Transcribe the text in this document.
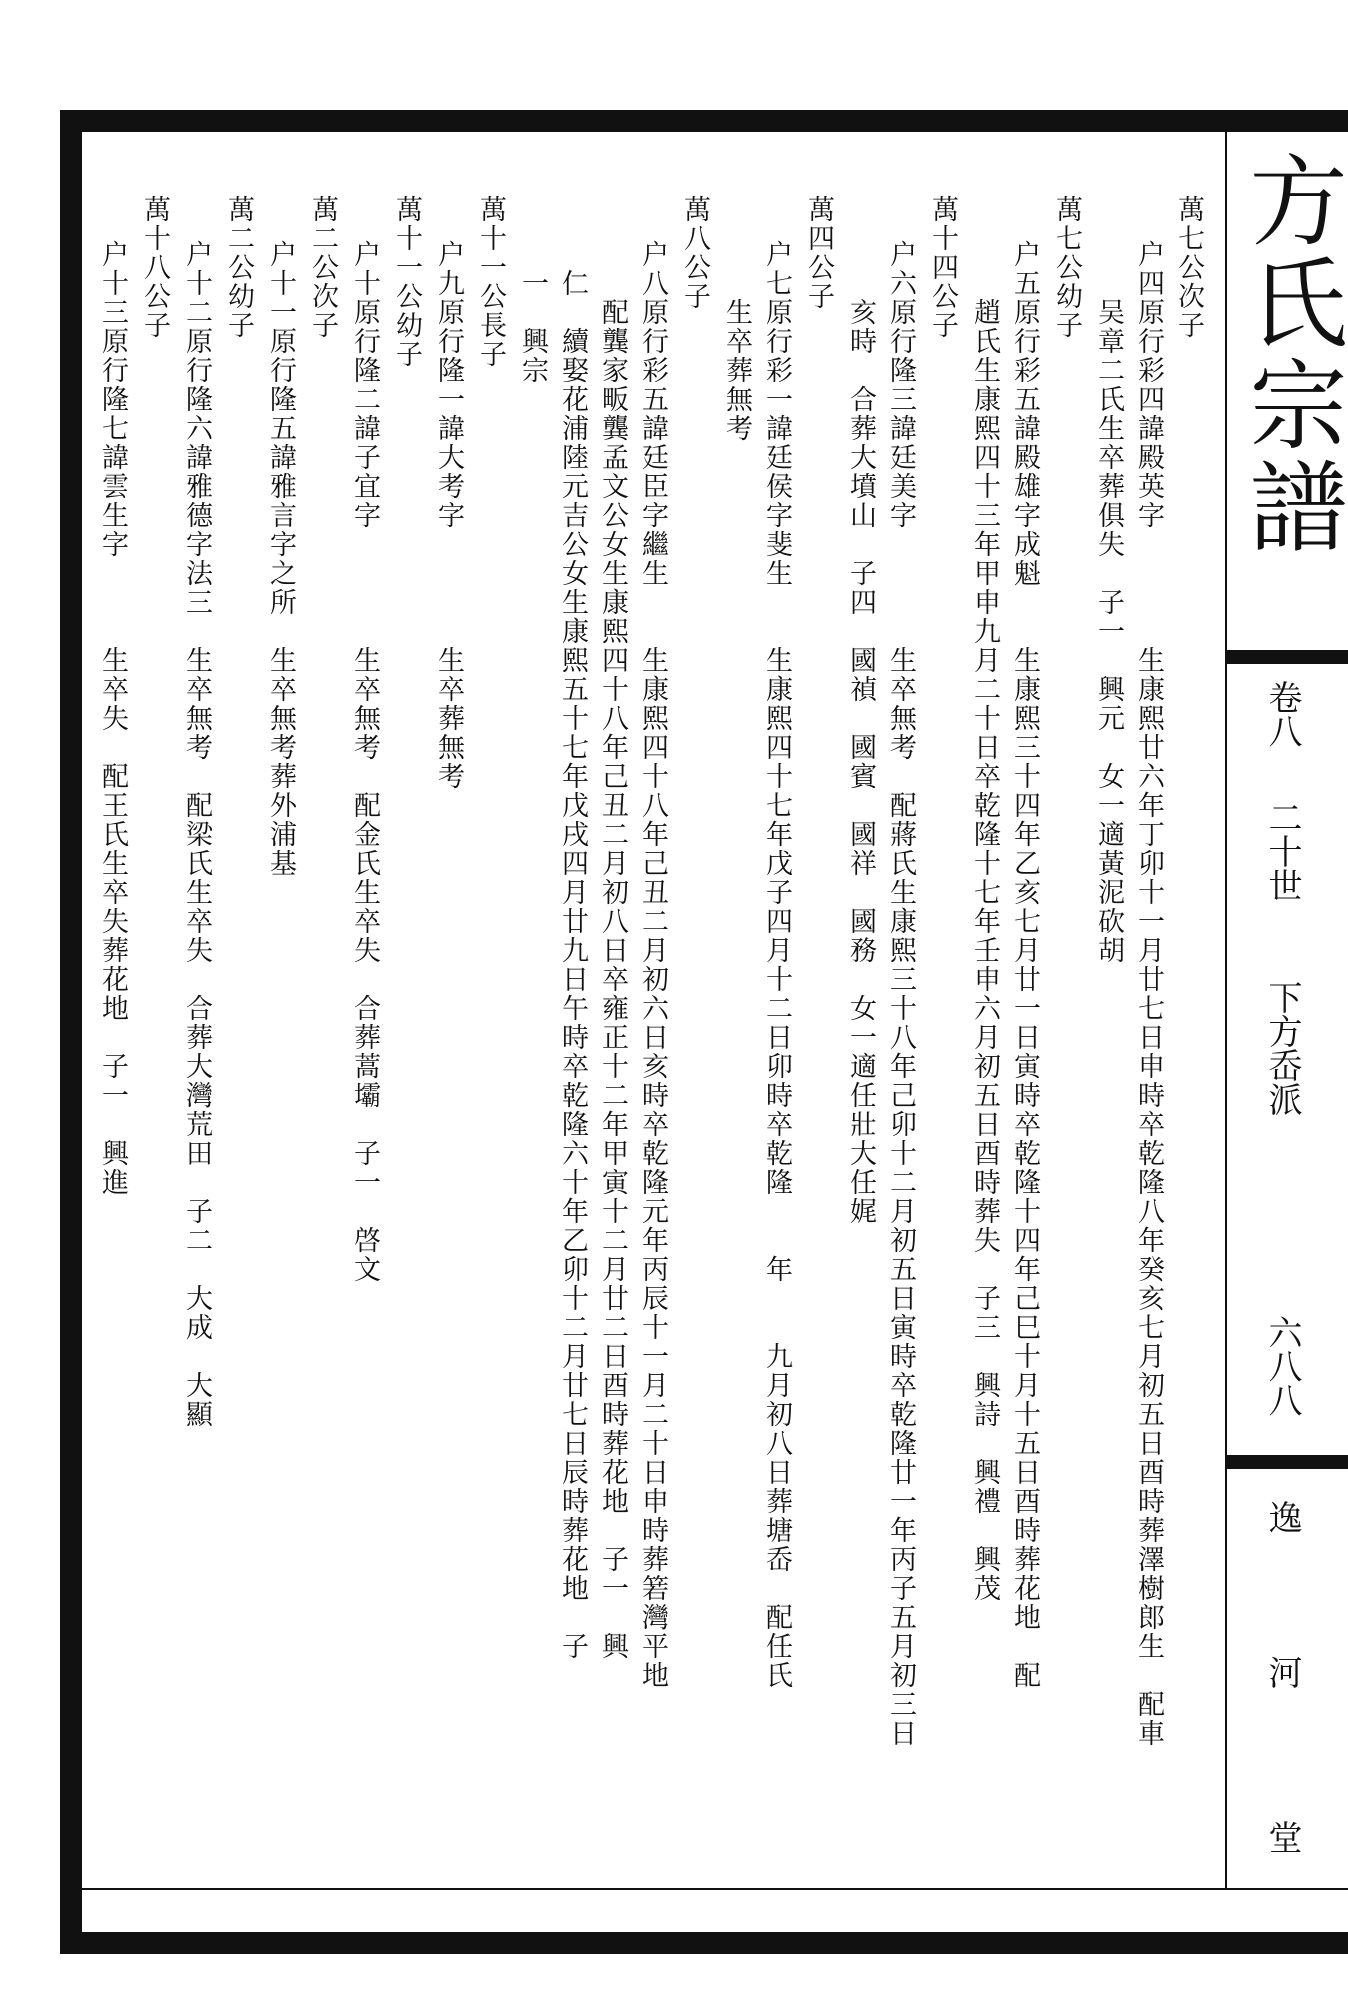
方氏宗譜
卷八
二十世
下方岙派
六八八
逸
河
堂
萬七公次子
户四原行彩四諱殿英字　　　　生康熙廿六年丁卯十一月廿七日申時卒乾隆八年癸亥七月初五日酉時葬澤樹郎生　配車
　　吴章二氏生卒葬俱失　子一　興元　女一適黃泥砍胡
萬七公幼子
户五原行彩五諱殿雄字成魁　　生康熙三十四年乙亥七月廿一日寅時卒乾隆十四年己巳十月十五日酉時葬花地　配
　　趙氏生康熙四十三年甲申九月二十日卒乾隆十七年壬申六月初五日酉時葬失　子三　興詩　興禮　興茂
萬十四公子
户六原行隆三諱廷美字　　　　生卒無考　配蔣氏生康熙三十八年己卯十二月初五日寅時卒乾隆廿一年丙子五月初三日
　　亥時　合葬大墳山　子四　國禎　國賓　國祥　國務　女一適任壯大任娓
萬四公子
户七原行彩一諱廷侯字斐生　　生康熙四十七年戊子四月十二日卯時卒乾隆　　年　　九月初八日葬塘岙　配任氏
　　生卒葬無考
萬八公子
户八原行彩五諱廷臣字繼生　　生康熙四十八年己丑二月初六日亥時卒乾隆元年丙辰十一月二十日申時葬箬灣平地
　　配龔家畈龔孟文公女生康熙四十八年己丑二月初八日卒雍正十二年甲寅十二月廿二日酉時葬花地　子一　興
　仁　續娶花浦陸元吉公女生康熙五十七年戊戌四月廿九日午時卒乾隆六十年乙卯十二月廿七日辰時葬花地　子
　一　興宗
萬十一公長子
户九原行隆一諱大考字　　　　生卒葬無考
萬十一公幼子
户十原行隆二諱子宜字　　　　生卒無考　配金氏生卒失　合葬蒿壩　子一　啓文
萬二公次子
户十一原行隆五諱雅言字之所　生卒無考葬外浦基
萬二公幼子
户十二原行隆六諱雅德字法三　生卒無考　配梁氏生卒失　合葬大灣荒田　子二　大成　大顯
萬十八公子
户十三原行隆七諱雲生字　　　生卒失　配王氏生卒失葬花地　子一　興進
